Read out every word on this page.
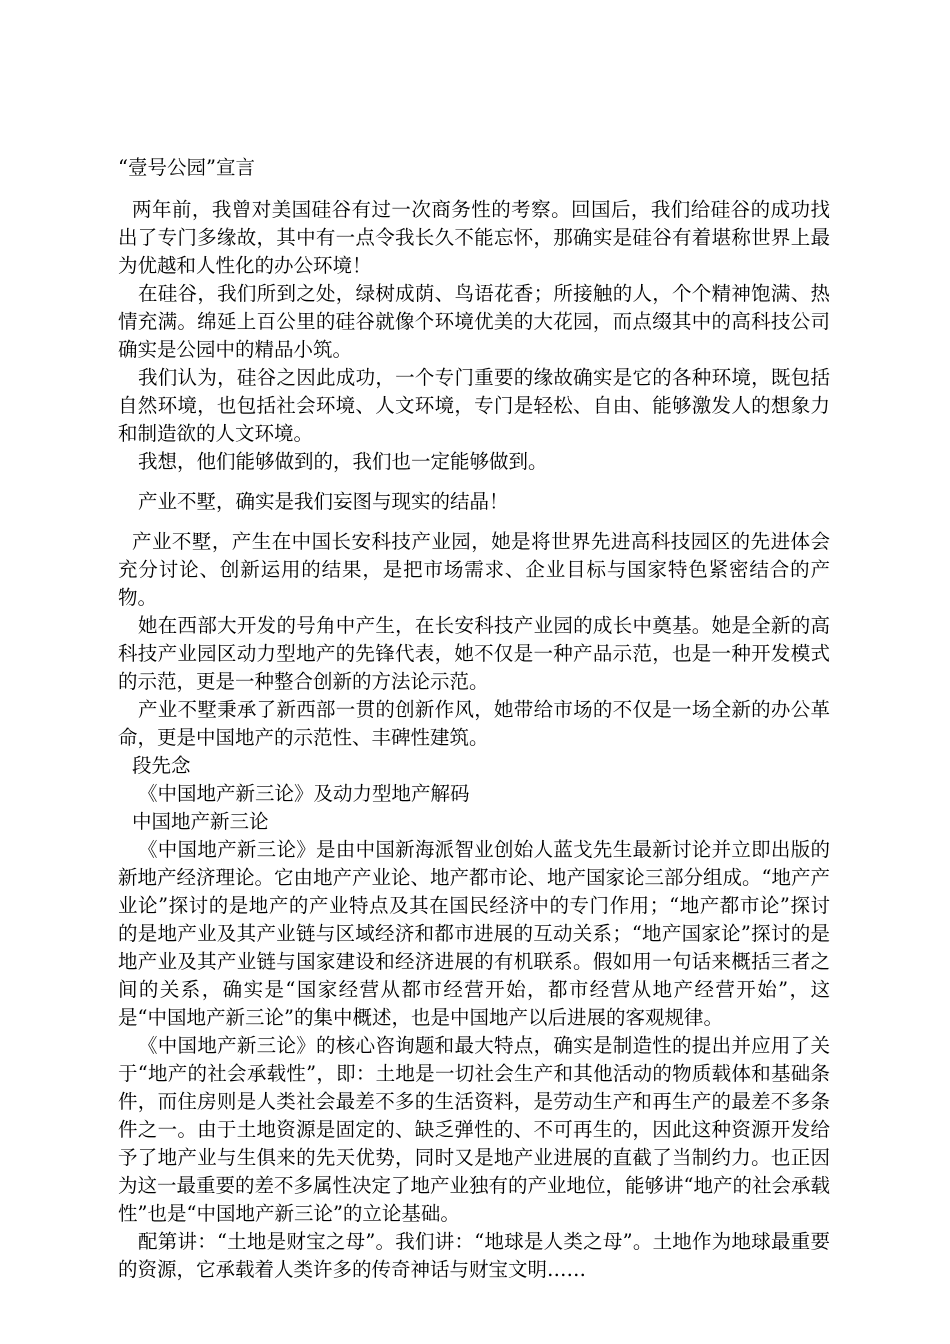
“壹号公园”宣言

两年前，我曾对美国硅谷有过一次商务性的考察。回国后，我们给硅谷的成功找出了专门多缘故，其中有一点令我长久不能忘怀，那确实是硅谷有着堪称世界上最为优越和人性化的办公环境！

在硅谷，我们所到之处，绿树成荫、鸟语花香；所接触的人，个个精神饱满、热情充满。绵延上百公里的硅谷就像个环境优美的大花园，而点缀其中的高科技公司确实是公园中的精品小筑。

我们认为，硅谷之因此成功，一个专门重要的缘故确实是它的各种环境，既包括自然环境，也包括社会环境、人文环境，专门是轻松、自由、能够激发人的想象力和制造欲的人文环境。

我想，他们能够做到的，我们也一定能够做到。

产业不墅，确实是我们妄图与现实的结晶！

产业不墅，产生在中国长安科技产业园，她是将世界先进高科技园区的先进体会充分讨论、创新运用的结果，是把市场需求、企业目标与国家特色紧密结合的产物。

她在西部大开发的号角中产生，在长安科技产业园的成长中奠基。她是全新的高科技产业园区动力型地产的先锋代表，她不仅是一种产品示范，也是一种开发模式的示范，更是一种整合创新的方法论示范。

产业不墅秉承了新西部一贯的创新作风，她带给市场的不仅是一场全新的办公革命，更是中国地产的示范性、丰碑性建筑。

段先念

《中国地产新三论》及动力型地产解码

中国地产新三论

《中国地产新三论》是由中国新海派智业创始人蓝戈先生最新讨论并立即出版的新地产经济理论。它由地产产业论、地产都市论、地产国家论三部分组成。“地产产业论”探讨的是地产的产业特点及其在国民经济中的专门作用；“地产都市论”探讨的是地产业及其产业链与区域经济和都市进展的互动关系；“地产国家论”探讨的是地产业及其产业链与国家建设和经济进展的有机联系。假如用一句话来概括三者之间的关系，确实是“国家经营从都市经营开始，都市经营从地产经营开始”，这是“中国地产新三论”的集中概述，也是中国地产以后进展的客观规律。

《中国地产新三论》的核心咨询题和最大特点，确实是制造性的提出并应用了关于“地产的社会承载性”，即：土地是一切社会生产和其他活动的物质载体和基础条件，而住房则是人类社会最差不多的生活资料，是劳动生产和再生产的最差不多条件之一。由于土地资源是固定的、缺乏弹性的、不可再生的，因此这种资源开发给予了地产业与生俱来的先天优势，同时又是地产业进展的直截了当制约力。也正因为这一最重要的差不多属性决定了地产业独有的产业地位，能够讲“地产的社会承载性”也是“中国地产新三论”的立论基础。

配第讲：“土地是财宝之母”。我们讲：“地球是人类之母”。土地作为地球最重要的资源，它承载着人类许多的传奇神话与财宝文明……
